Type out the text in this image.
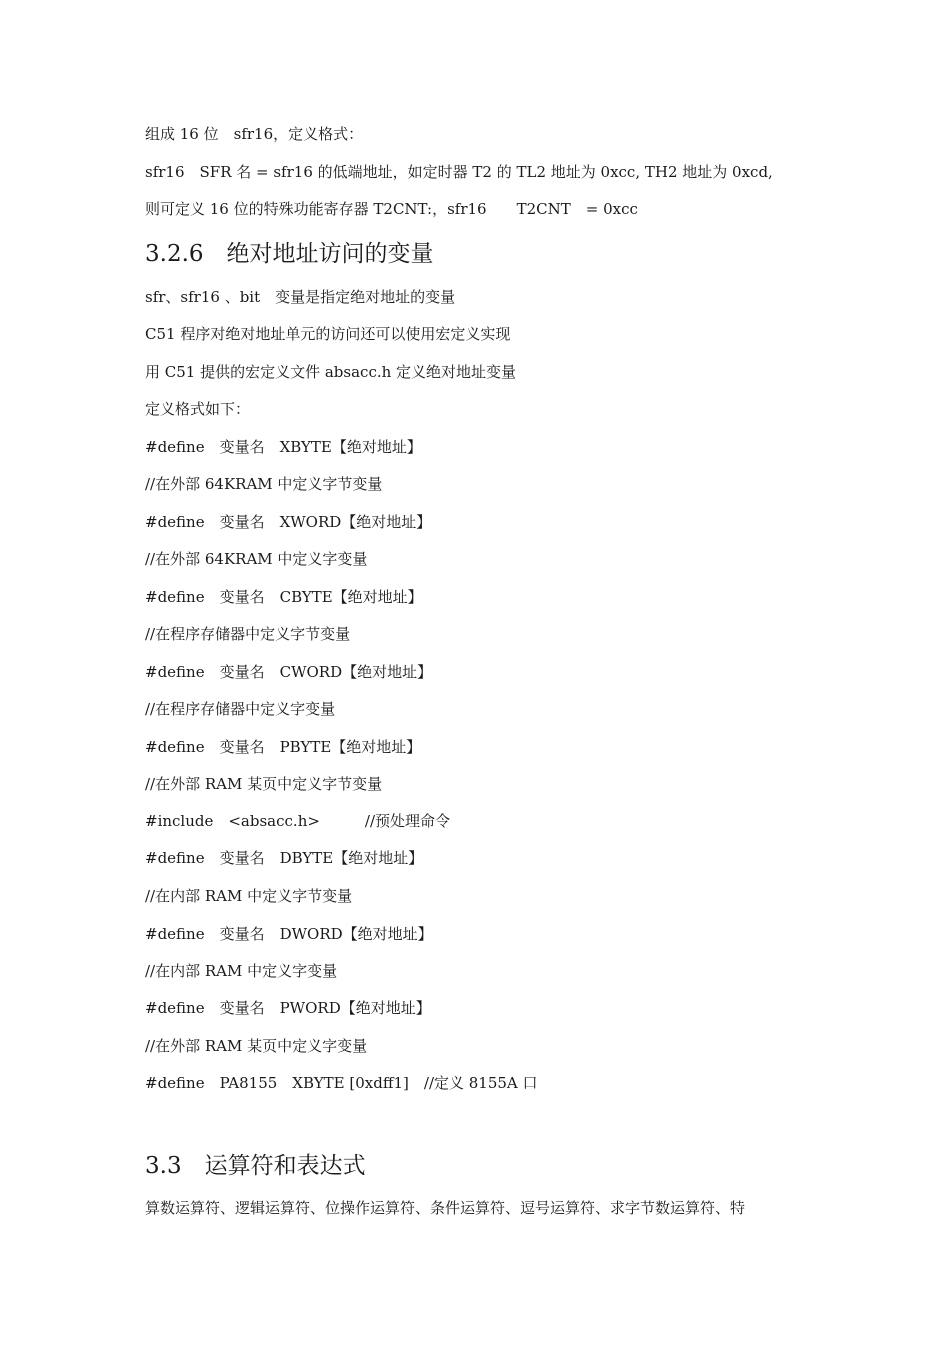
组成 16 位　sfr16，定义格式：
sfr16　SFR 名 = sfr16 的低端地址，如定时器 T2 的 TL2 地址为 0xcc, TH2 地址为 0xcd,
则可定义 16 位的特殊功能寄存器 T2CNT:，sfr16　　T2CNT　= 0xcc
3.2.6　绝对地址访问的变量
sfr、sfr16 、bit　变量是指定绝对地址的变量
C51 程序对绝对地址单元的访问还可以使用宏定义实现
用 C51 提供的宏定义文件 absacc.h 定义绝对地址变量
定义格式如下：
#define　变量名　XBYTE【绝对地址】
//在外部 64KRAM 中定义字节变量
#define　变量名　XWORD【绝对地址】
//在外部 64KRAM 中定义字变量
#define　变量名　CBYTE【绝对地址】
//在程序存储器中定义字节变量
#define　变量名　CWORD【绝对地址】
//在程序存储器中定义字变量
#define　变量名　PBYTE【绝对地址】
//在外部 RAM 某页中定义字节变量
#include　<absacc.h>　　　//预处理命令
#define　变量名　DBYTE【绝对地址】
//在内部 RAM 中定义字节变量
#define　变量名　DWORD【绝对地址】
//在内部 RAM 中定义字变量
#define　变量名　PWORD【绝对地址】
//在外部 RAM 某页中定义字变量
#define　PA8155　XBYTE [0xdff1]　//定义 8155A 口
3.3　运算符和表达式
算数运算符、逻辑运算符、位操作运算符、条件运算符、逗号运算符、求字节数运算符、特
